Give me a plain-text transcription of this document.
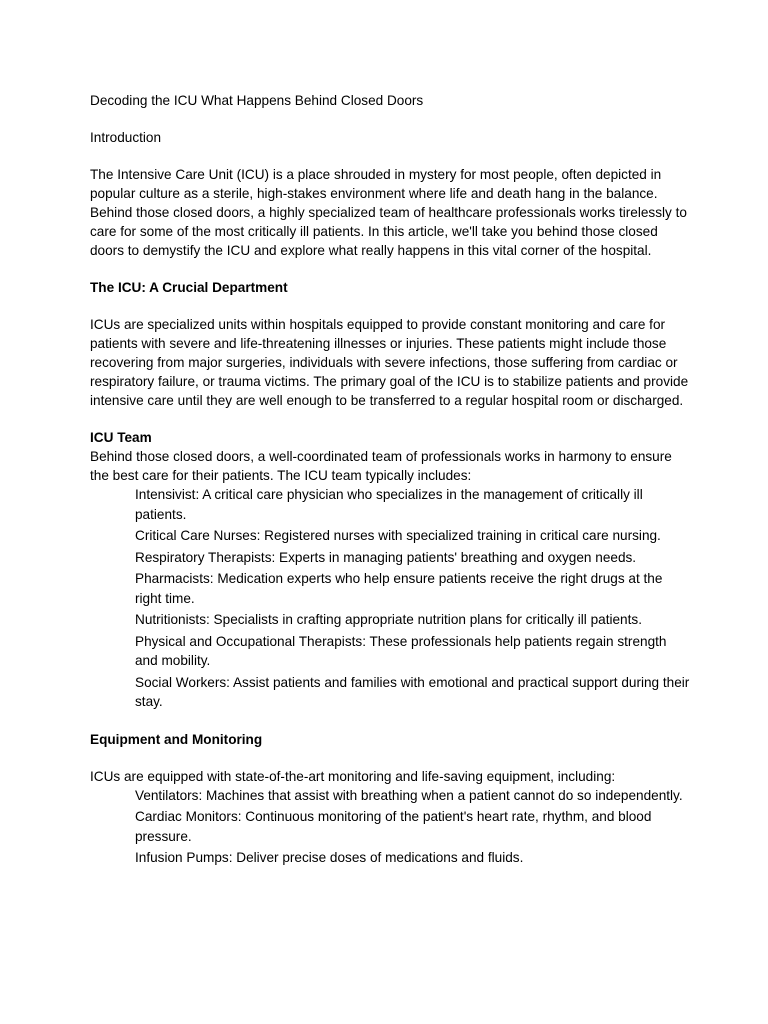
Decoding the ICU What Happens Behind Closed Doors

Introduction

The Intensive Care Unit (ICU) is a place shrouded in mystery for most people, often depicted in popular culture as a sterile, high-stakes environment where life and death hang in the balance. Behind those closed doors, a highly specialized team of healthcare professionals works tirelessly to care for some of the most critically ill patients. In this article, we'll take you behind those closed doors to demystify the ICU and explore what really happens in this vital corner of the hospital.

The ICU: A Crucial Department

ICUs are specialized units within hospitals equipped to provide constant monitoring and care for patients with severe and life-threatening illnesses or injuries. These patients might include those recovering from major surgeries, individuals with severe infections, those suffering from cardiac or respiratory failure, or trauma victims. The primary goal of the ICU is to stabilize patients and provide intensive care until they are well enough to be transferred to a regular hospital room or discharged.

ICU Team

Behind those closed doors, a well-coordinated team of professionals works in harmony to ensure the best care for their patients. The ICU team typically includes:

Intensivist: A critical care physician who specializes in the management of critically ill patients.
Critical Care Nurses: Registered nurses with specialized training in critical care nursing.
Respiratory Therapists: Experts in managing patients' breathing and oxygen needs.
Pharmacists: Medication experts who help ensure patients receive the right drugs at the right time.
Nutritionists: Specialists in crafting appropriate nutrition plans for critically ill patients.
Physical and Occupational Therapists: These professionals help patients regain strength and mobility.
Social Workers: Assist patients and families with emotional and practical support during their stay.

Equipment and Monitoring

ICUs are equipped with state-of-the-art monitoring and life-saving equipment, including:

Ventilators: Machines that assist with breathing when a patient cannot do so independently.
Cardiac Monitors: Continuous monitoring of the patient's heart rate, rhythm, and blood pressure.
Infusion Pumps: Deliver precise doses of medications and fluids.
